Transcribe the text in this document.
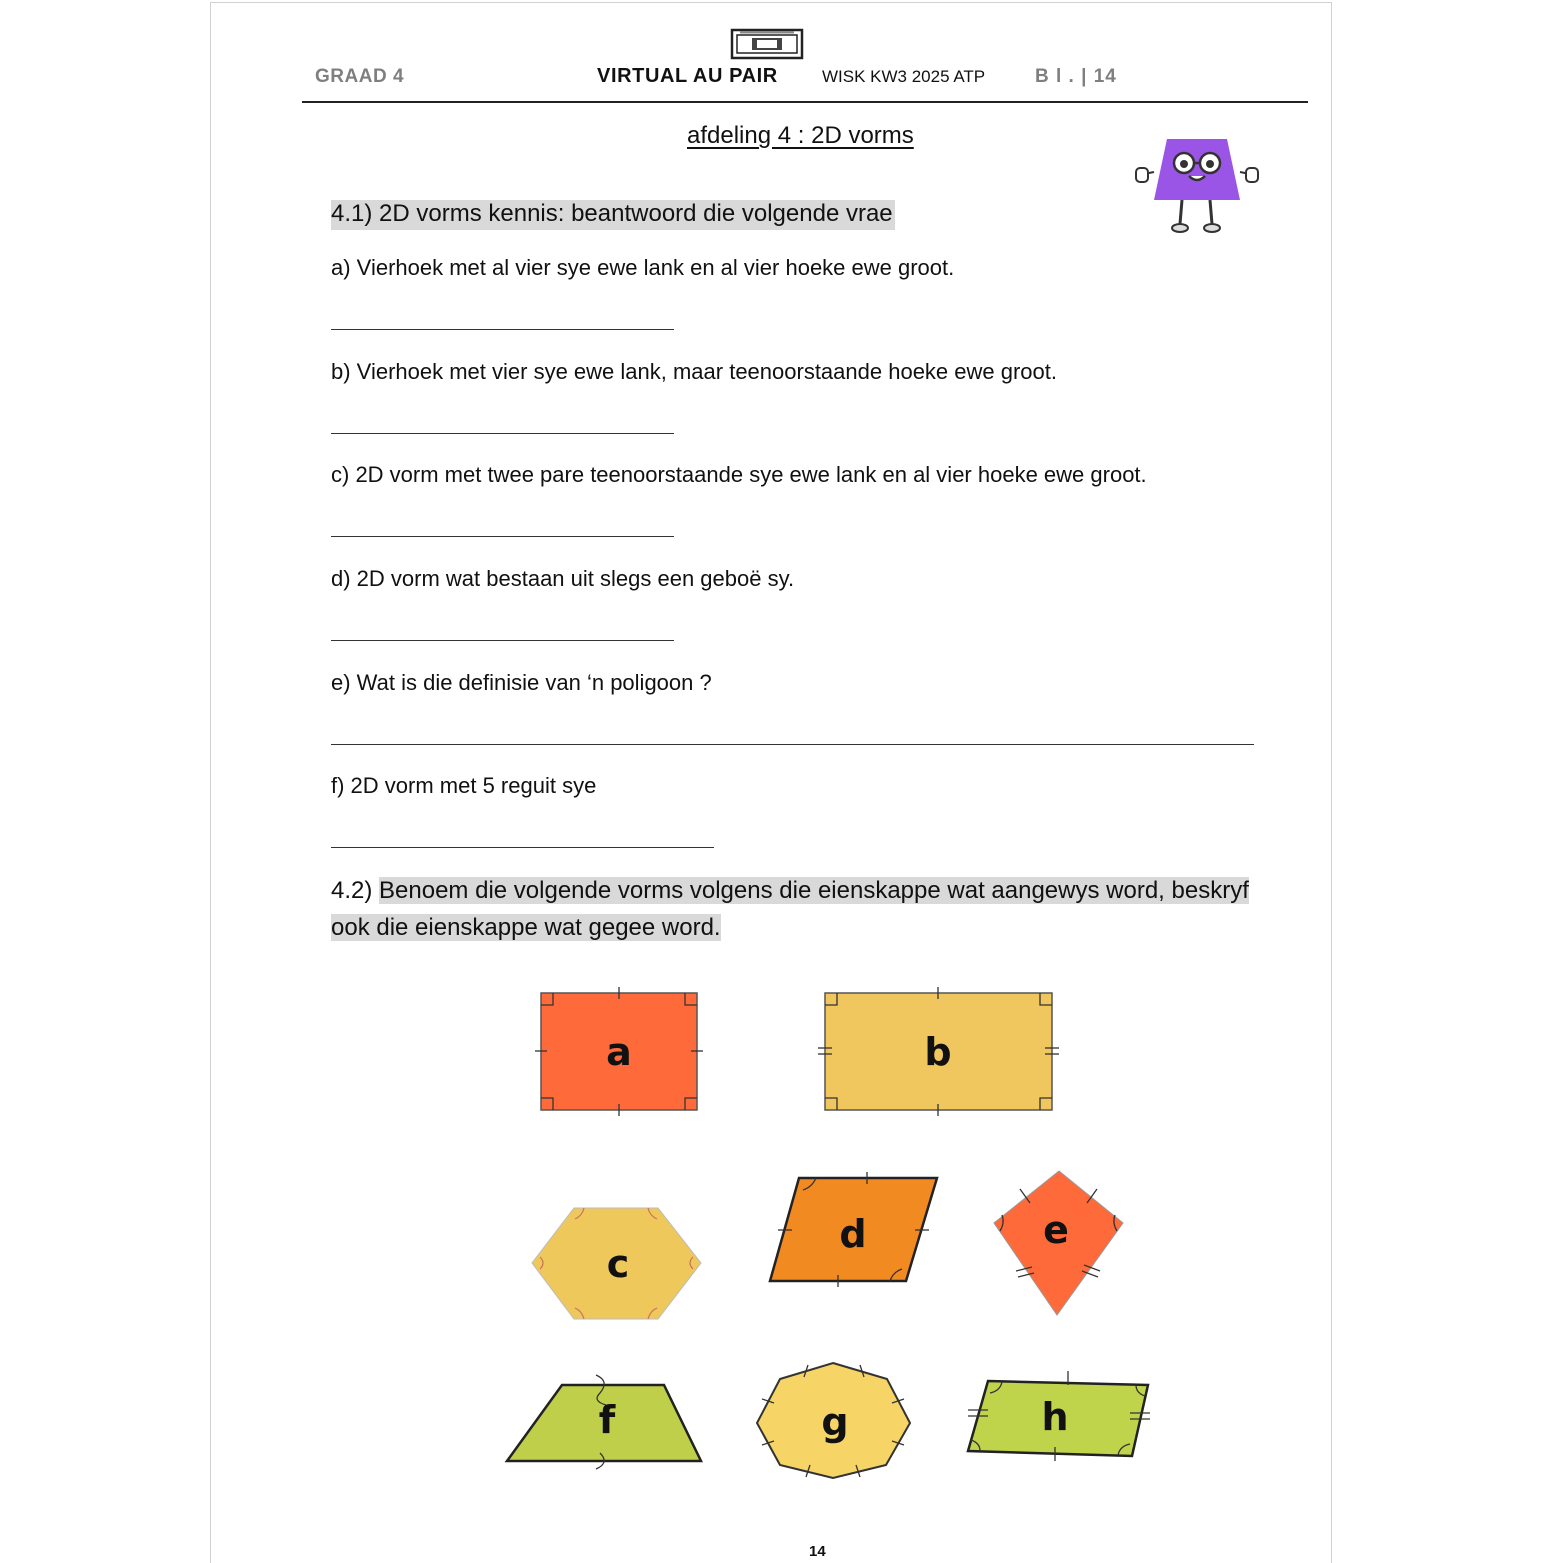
GRAAD 4	VIRTUAL AU PAIR	WISK KW3 2025 ATP	B l . | 14
afdeling 4 : 2D vorms
4.1) 2D vorms kennis: beantwoord die volgende vrae
a) Vierhoek met al vier sye ewe lank en al vier hoeke ewe groot.
b) Vierhoek met vier sye ewe lank, maar teenoorstaande hoeke ewe groot.
c) 2D vorm met twee pare teenoorstaande sye ewe lank en al vier hoeke ewe groot.
d) 2D vorm wat bestaan uit slegs een geboë sy.
e) Wat is die definisie van ‘n poligoon ?
f) 2D vorm met 5 reguit sye
4.2) Benoem die volgende vorms volgens die eienskappe wat aangewys word, beskryf ook die eienskappe wat gegee word.
a	b
c
d	e
f	g	h
14
